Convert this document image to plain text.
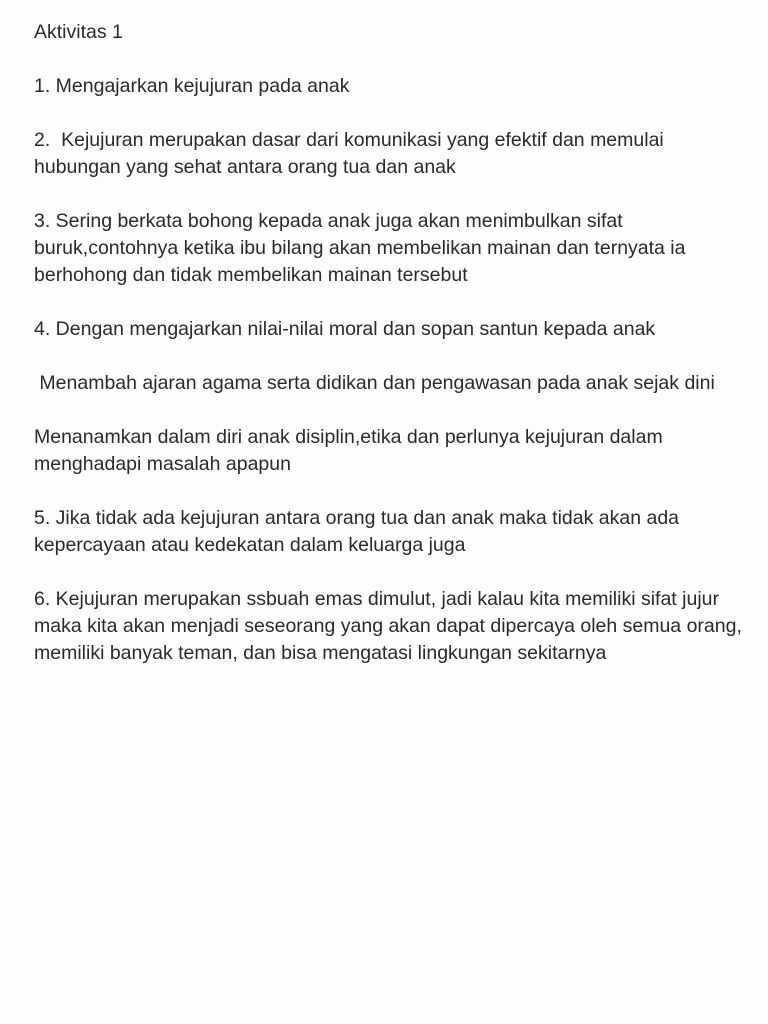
Aktivitas 1

1. Mengajarkan kejujuran pada anak

2.  Kejujuran merupakan dasar dari komunikasi yang efektif dan memulai hubungan yang sehat antara orang tua dan anak

3. Sering berkata bohong kepada anak juga akan menimbulkan sifat buruk,contohnya ketika ibu bilang akan membelikan mainan dan ternyata ia berhohong dan tidak membelikan mainan tersebut

4. Dengan mengajarkan nilai-nilai moral dan sopan santun kepada anak

Menambah ajaran agama serta didikan dan pengawasan pada anak sejak dini

Menanamkan dalam diri anak disiplin,etika dan perlunya kejujuran dalam menghadapi masalah apapun

5. Jika tidak ada kejujuran antara orang tua dan anak maka tidak akan ada kepercayaan atau kedekatan dalam keluarga juga

6. Kejujuran merupakan ssbuah emas dimulut, jadi kalau kita memiliki sifat jujur maka kita akan menjadi seseorang yang akan dapat dipercaya oleh semua orang, memiliki banyak teman, dan bisa mengatasi lingkungan sekitarnya
